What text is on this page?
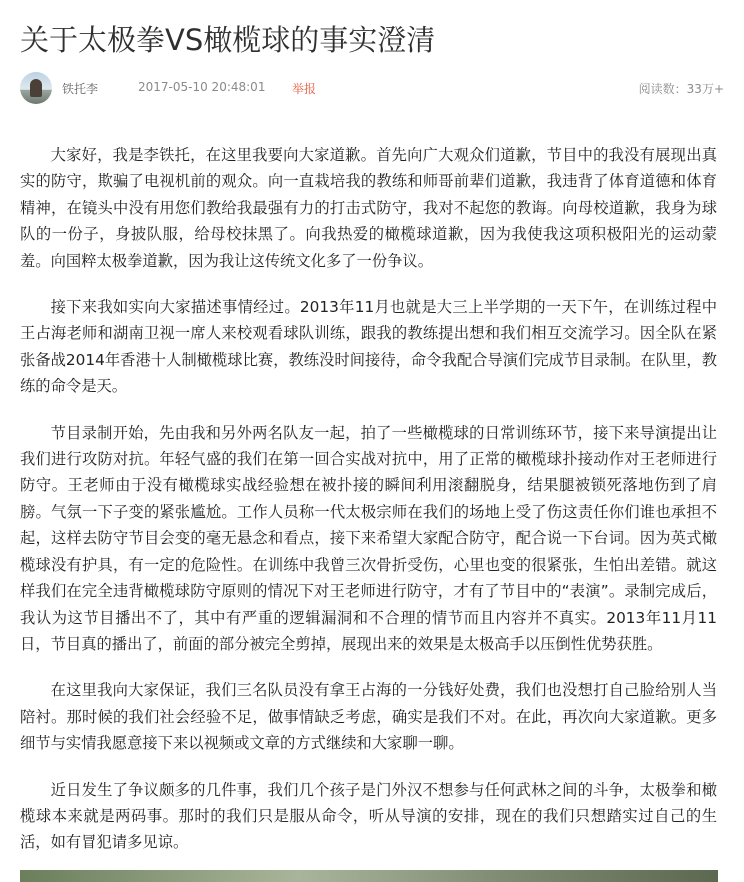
关于太极拳VS橄榄球的事实澄清
铁托李	2017-05-10 20:48:01 举报	阅读数：33万+

大家好，我是李铁托，在这里我要向大家道歉。首先向广大观众们道歉，节目中的我没有展现出真实的防守，欺骗了电视机前的观众。向一直栽培我的教练和师哥前辈们道歉，我违背了体育道德和体育精神，在镜头中没有用您们教给我最强有力的打击式防守，我对不起您的教诲。向母校道歉，我身为球队的一份子，身披队服，给母校抹黑了。向我热爱的橄榄球道歉，因为我使我这项积极阳光的运动蒙羞。向国粹太极拳道歉，因为我让这传统文化多了一份争议。

接下来我如实向大家描述事情经过。2013年11月也就是大三上半学期的一天下午，在训练过程中王占海老师和湖南卫视一席人来校观看球队训练，跟我的教练提出想和我们相互交流学习。因全队在紧张备战2014年香港十人制橄榄球比赛，教练没时间接待，命令我配合导演们完成节目录制。在队里，教练的命令是天。

节目录制开始，先由我和另外两名队友一起，拍了一些橄榄球的日常训练环节，接下来导演提出让我们进行攻防对抗。年轻气盛的我们在第一回合实战对抗中，用了正常的橄榄球扑接动作对王老师进行防守。王老师由于没有橄榄球实战经验想在被扑接的瞬间利用滚翻脱身，结果腿被锁死落地伤到了肩膀。气氛一下子变的紧张尴尬。工作人员称一代太极宗师在我们的场地上受了伤这责任你们谁也承担不起，这样去防守节目会变的毫无悬念和看点，接下来希望大家配合防守，配合说一下台词。因为英式橄榄球没有护具，有一定的危险性。在训练中我曾三次骨折受伤，心里也变的很紧张，生怕出差错。就这样我们在完全违背橄榄球防守原则的情况下对王老师进行防守，才有了节目中的“表演”。录制完成后，我认为这节目播出不了，其中有严重的逻辑漏洞和不合理的情节而且内容并不真实。2013年11月11日，节目真的播出了，前面的部分被完全剪掉，展现出来的效果是太极高手以压倒性优势获胜。

在这里我向大家保证，我们三名队员没有拿王占海的一分钱好处费，我们也没想打自己脸给别人当陪衬。那时候的我们社会经验不足，做事情缺乏考虑，确实是我们不对。在此，再次向大家道歉。更多细节与实情我愿意接下来以视频或文章的方式继续和大家聊一聊。

近日发生了争议颇多的几件事，我们几个孩子是门外汉不想参与任何武林之间的斗争，太极拳和橄榄球本来就是两码事。那时的我们只是服从命令，听从导演的安排，现在的我们只想踏实过自己的生活，如有冒犯请多见谅。
